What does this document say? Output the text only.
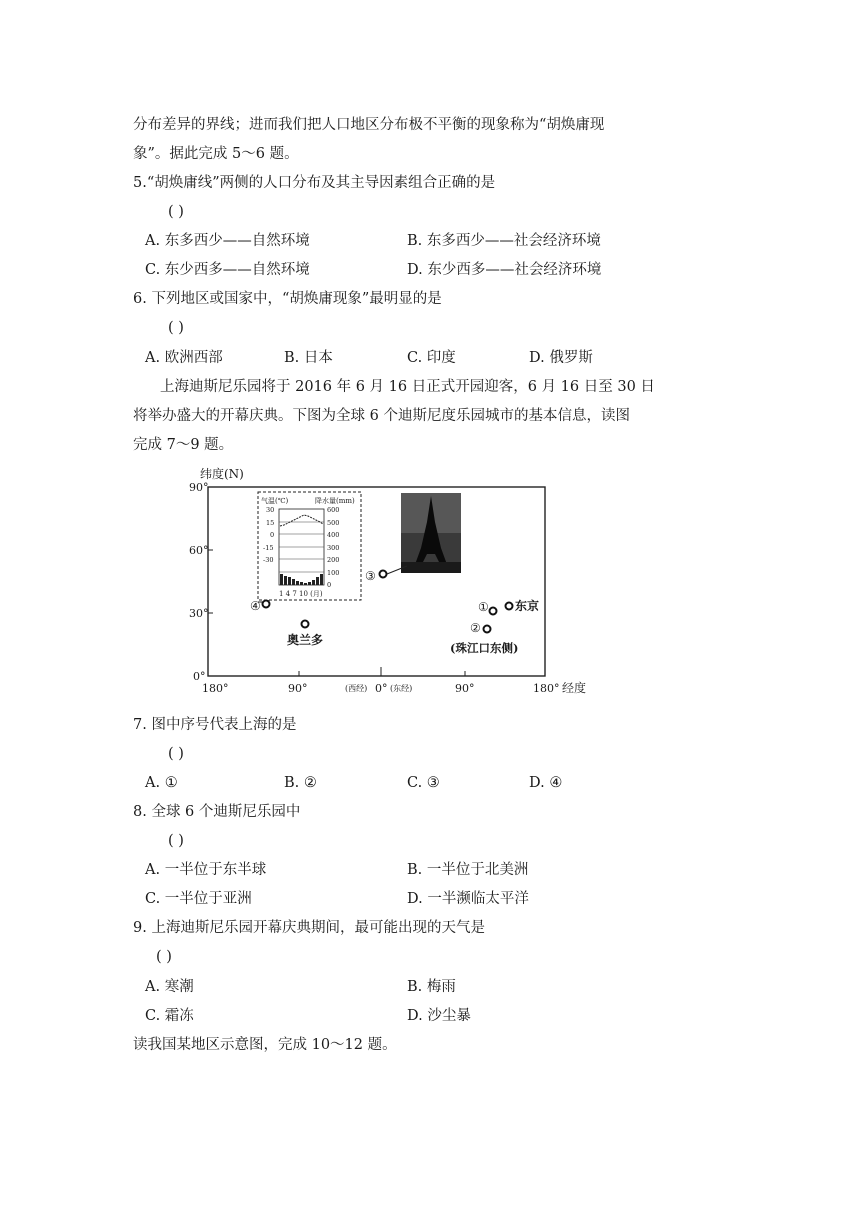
分布差异的界线；进而我们把人口地区分布极不平衡的现象称为“胡焕庸现
象”。据此完成 5～6 题。
5.“胡焕庸线”两侧的人口分布及其主导因素组合正确的是
( )
A. 东多西少——自然环境	B. 东多西少——社会经济环境
C. 东少西多——自然环境	D. 东少西多——社会经济环境
6. 下列地区或国家中，“胡焕庸现象”最明显的是
( )
A. 欧洲西部	B. 日本	C. 印度	D. 俄罗斯
上海迪斯尼乐园将于 2016 年 6 月 16 日正式开园迎客，6 月 16 日至 30 日
将举办盛大的开幕庆典。下图为全球 6 个迪斯尼度乐园城市的基本信息，读图
完成 7～9 题。
纬度(N)
90°
60°
30°
0°
180°	90°	(西经) 0° (东经)	90°	180° 经度
气温(℃)	降水量(mm)
30
15
0
-15
-30
600
500
400
300
200
100
0
1 4 7 10 (月)
④
③
①
②
东京
奥兰多
(珠江口东侧)
7. 图中序号代表上海的是
( )
A. ①	B. ②	C. ③	D. ④
8. 全球 6 个迪斯尼乐园中
( )
A. 一半位于东半球	B. 一半位于北美洲
C. 一半位于亚洲	D. 一半濒临太平洋
9. 上海迪斯尼乐园开幕庆典期间，最可能出现的天气是
( )
A. 寒潮	B. 梅雨
C. 霜冻	D. 沙尘暴
读我国某地区示意图，完成 10～12 题。
